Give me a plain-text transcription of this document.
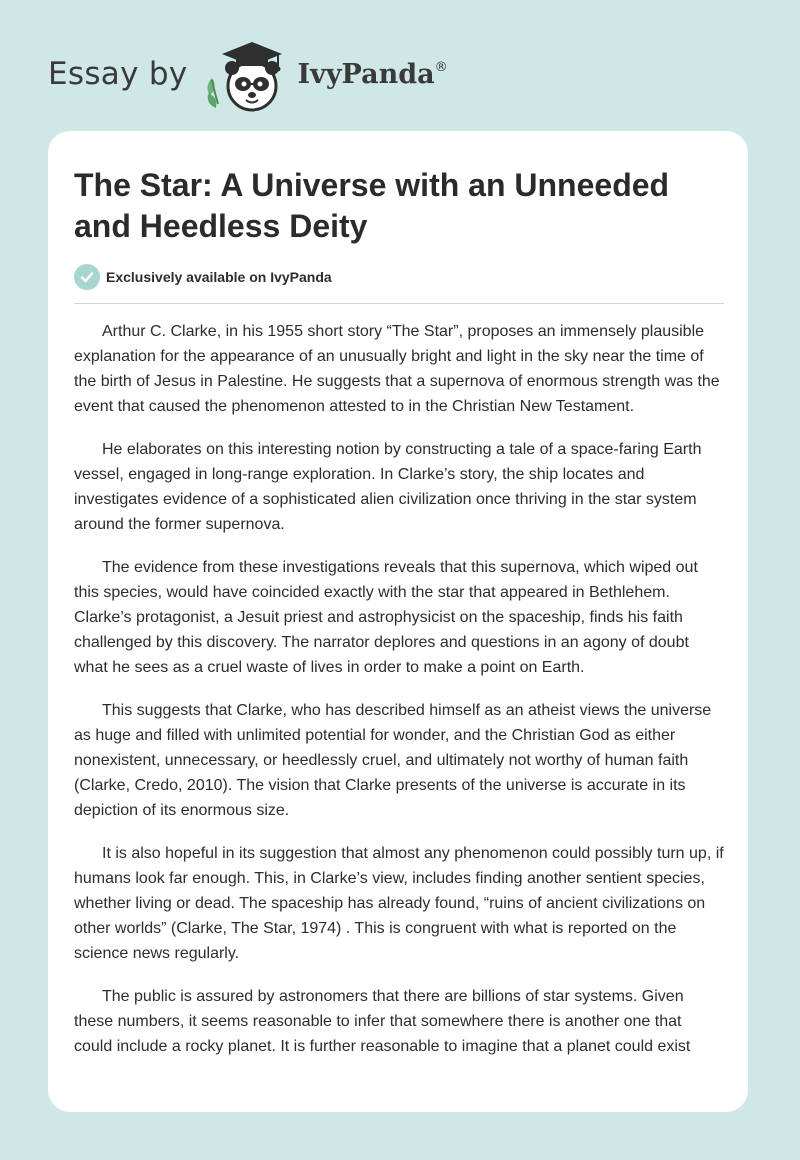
Essay by	IvyPanda®
The Star: A Universe with an Unneeded and Heedless Deity
Exclusively available on IvyPanda

Arthur C. Clarke, in his 1955 short story “The Star”, proposes an immensely plausible explanation for the appearance of an unusually bright and light in the sky near the time of the birth of Jesus in Palestine. He suggests that a supernova of enormous strength was the event that caused the phenomenon attested to in the Christian New Testament.

He elaborates on this interesting notion by constructing a tale of a space-faring Earth vessel, engaged in long-range exploration. In Clarke’s story, the ship locates and investigates evidence of a sophisticated alien civilization once thriving in the star system around the former supernova.

The evidence from these investigations reveals that this supernova, which wiped out this species, would have coincided exactly with the star that appeared in Bethlehem. Clarke’s protagonist, a Jesuit priest and astrophysicist on the spaceship, finds his faith challenged by this discovery. The narrator deplores and questions in an agony of doubt what he sees as a cruel waste of lives in order to make a point on Earth.

This suggests that Clarke, who has described himself as an atheist views the universe as huge and filled with unlimited potential for wonder, and the Christian God as either nonexistent, unnecessary, or heedlessly cruel, and ultimately not worthy of human faith (Clarke, Credo, 2010). The vision that Clarke presents of the universe is accurate in its depiction of its enormous size.

It is also hopeful in its suggestion that almost any phenomenon could possibly turn up, if humans look far enough. This, in Clarke’s view, includes finding another sentient species, whether living or dead. The spaceship has already found, “ruins of ancient civilizations on other worlds” (Clarke, The Star, 1974) . This is congruent with what is reported on the science news regularly.

The public is assured by astronomers that there are billions of star systems. Given these numbers, it seems reasonable to infer that somewhere there is another one that could include a rocky planet. It is further reasonable to imagine that a planet could exist
